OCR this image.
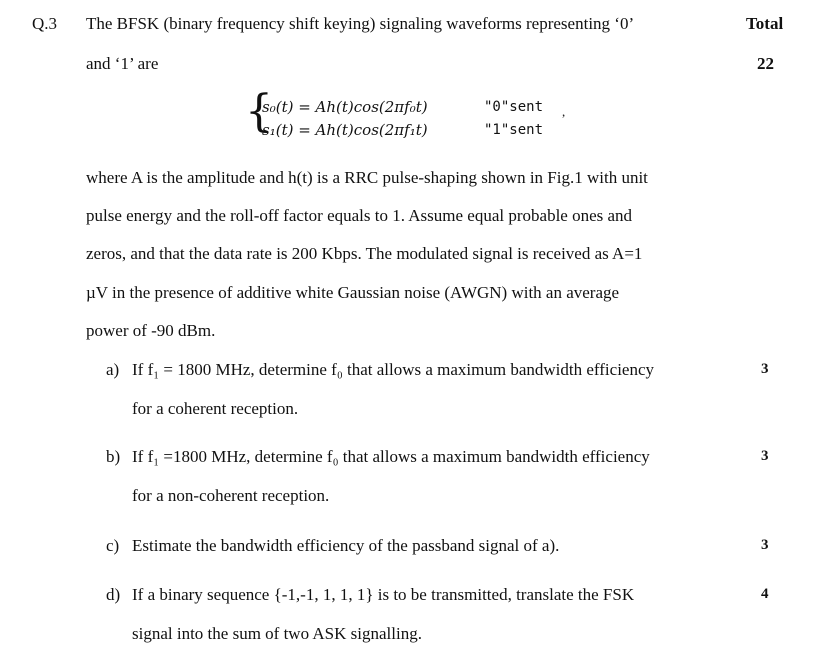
Q.3 The BFSK (binary frequency shift keying) signaling waveforms representing ‘0’	Total
and ‘1’ are	22
{
s₀(t) = Ah(t)cos(2πf₀t)	"0"sent ,
s₁(t) = Ah(t)cos(2πf₁t)	"1"sent
where A is the amplitude and h(t) is a RRC pulse-shaping shown in Fig.1 with unit
pulse energy and the roll-off factor equals to 1. Assume equal probable ones and
zeros, and that the data rate is 200 Kbps. The modulated signal is received as A=1
µV in the presence of additive white Gaussian noise (AWGN) with an average
power of -90 dBm.
a) If f₁ = 1800 MHz, determine f₀ that allows a maximum bandwidth efficiency	3
for a coherent reception.
b) If f₁ =1800 MHz, determine f₀ that allows a maximum bandwidth efficiency	3
for a non-coherent reception.
c) Estimate the bandwidth efficiency of the passband signal of a).	3
d) If a binary sequence {-1,-1, 1, 1, 1} is to be transmitted, translate the FSK	4
signal into the sum of two ASK signalling.
